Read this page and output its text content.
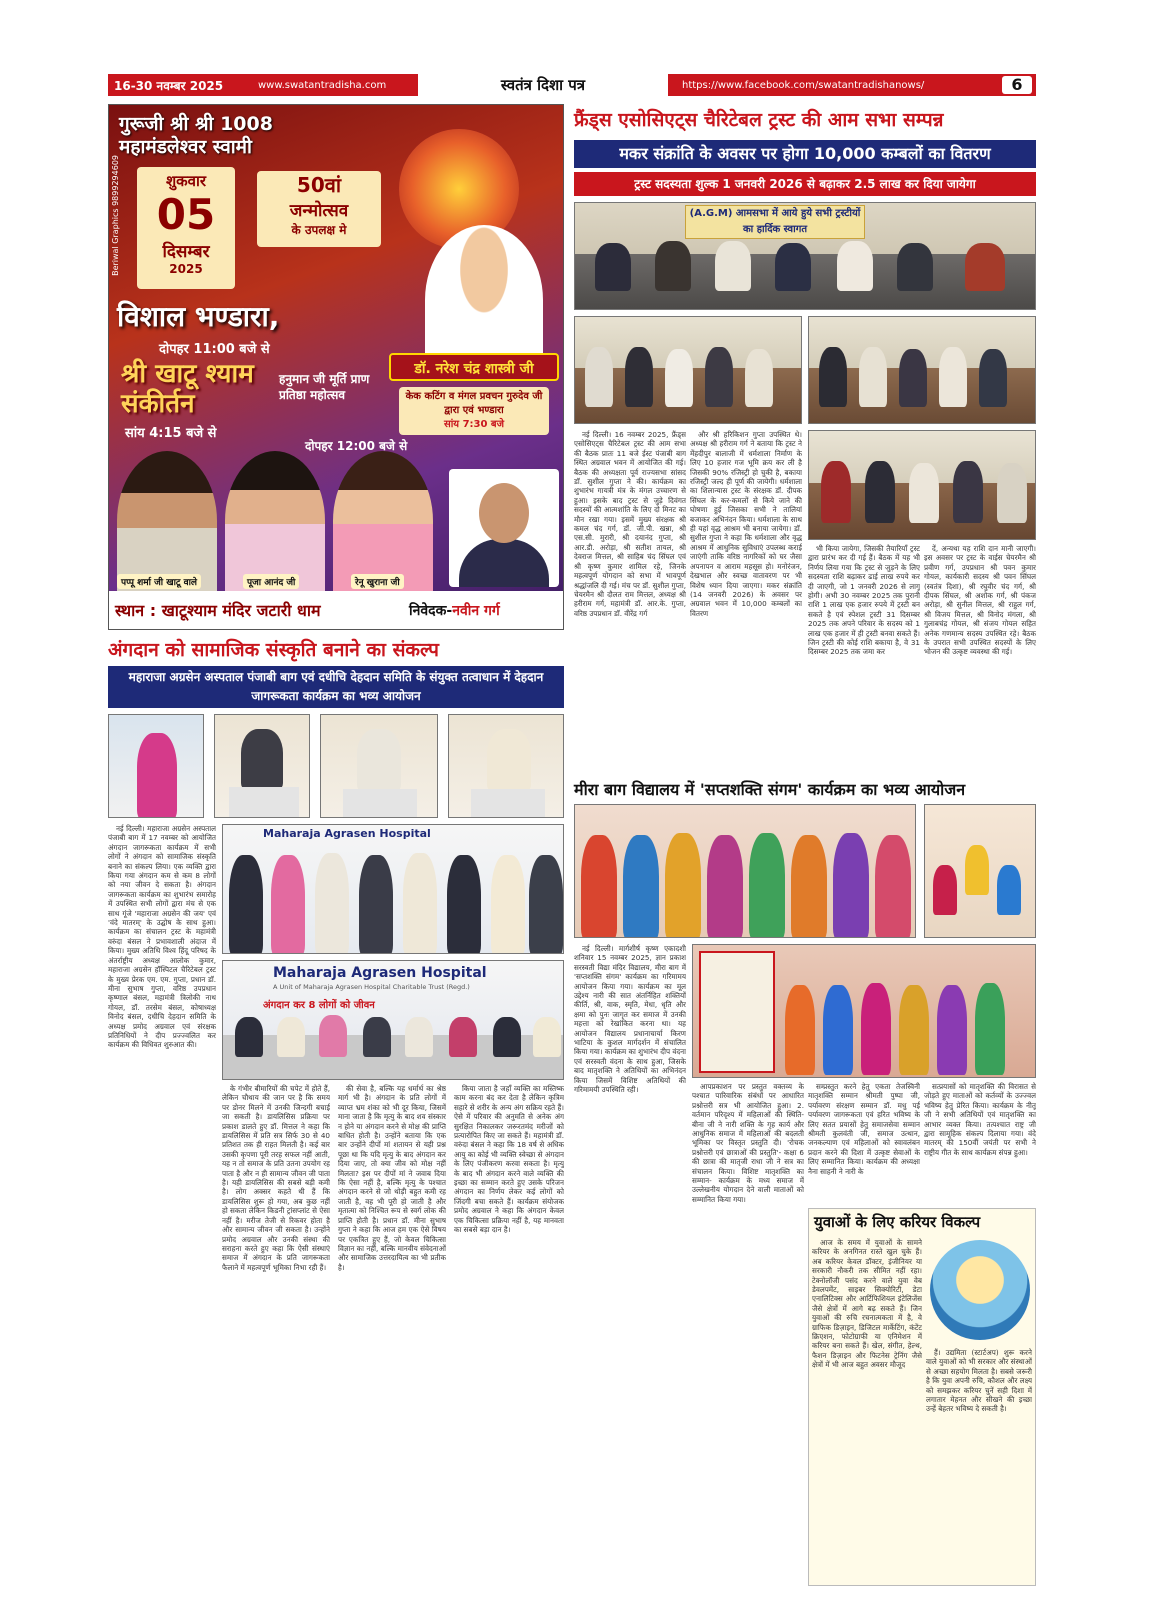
16-30 नवम्बर 2025	www.swatantradisha.com	स्वतंत्र दिशा पत्र	https://www.facebook.com/swatantradishanows/	6
गुरूजी श्री श्री 1008 महामंडलेश्वर स्वामी
Beriwal Graphics 9899294609	शुकवार
05
दिसम्बर
2025
50वां
जन्मोत्सव
के उपलक्ष मे
विशाल भण्डारा,
दोपहर 11:00 बजे से
श्री खाटू श्याम संकीर्तन
सांय 4:15 बजे से
हनुमान जी मूर्ति प्राण प्रतिष्ठा महोत्सव
दोपहर 12:00 बजे से
डॉ. नरेश चंद्र शास्त्री जी
केक कटिंग व मंगल प्रवचन गुरुदेव जी द्वारा एवं भण्डारा
सांय 7:30 बजे
पप्पू शर्मा जी खाटू वाले	पूजा आनंद जी	रेनू खुराना जी
स्थान : खाटूश्याम मंदिर जटारी धाम	निवेदक-नवीन गर्ग
फ्रैंड्स एसोसिएट्स चैरिटेबल ट्रस्ट की आम सभा सम्पन्न
मकर संक्रांति के अवसर पर होगा 10,000 कम्बलों का वितरण
ट्रस्ट सदस्यता शुल्क 1 जनवरी 2026 से बढ़ाकर 2.5 लाख कर दिया जायेगा
(A.G.M) आमसभा में आये हुये सभी ट्रस्टीयों का हार्दिक स्वागत

नई दिल्ली। 16 नवम्बर 2025, फ्रैंड्स एसोसिएट्स चैरिटेबल ट्रस्ट की आम सभा की बैठक प्रातः 11 बजे ईस्ट पंजाबी बाग स्थित अग्रवाल भवन में आयोजित की गई। बैठक की अध्यक्षता पूर्व राज्यसभा सांसद डॉ. सुशील गुप्ता ने की। कार्यक्रम का शुभारंभ गायत्री मंत्र के मंगल उच्चारण से हुआ। इसके बाद ट्रस्ट से जुड़े दिवंगत सदस्यों की आत्मशांति के लिए दो मिनट का मौन रखा गया। इसमें मुख्य संरक्षक श्री कमल चंद गर्ग, डॉ. जी.पी. खन्ना, श्री एस.सी. मुरारी, श्री दयानंद गुप्ता, श्री आर.डी. अरोड़ा, श्री सतीश तायल, श्री देवराज मित्तल, श्री साहिब चंद सिंघल एवं श्री कृष्ण कुमार शामिल रहे, जिनके महत्वपूर्ण योगदान को सभा में भावपूर्ण श्रद्धांजलि दी गई। मंच पर डॉ. सुशील गुप्ता, चेयरमैन श्री दौलत राम मित्तल, अध्यक्ष श्री हरीराम गर्ग, महामंत्री डॉ. आर.के. गुप्ता, वरिष्ठ उपप्रधान डॉ. वीरेंद्र गर्ग

और श्री हरिकिशन गुप्ता उपस्थित थे। अध्यक्ष श्री हरीराम गर्ग ने बताया कि ट्रस्ट ने मेंहदीपुर बालाजी में धर्मशाला निर्माण के लिए 10 हजार गज भूमि क्रय कर ली है जिसकी 90% रजिस्ट्री हो चुकी है, बकाया रजिस्ट्री जल्द ही पूर्ण की जायेगी। धर्मशाला का शिलान्यास ट्रस्ट के संरक्षक डॉ. दीपक सिंघल के कर-कमलों से किये जाने की घोषणा हुई जिसका सभी ने तालियां बजाकर अभिनंदन किया। धर्मशाला के साथ ही यहां वृद्ध आश्रम भी बनाया जायेगा। डॉ. सुशील गुप्ता ने कहा कि धर्मशाला और वृद्ध आश्रम में आधुनिक सुविधाएं उपलब्ध कराई जाएंगी ताकि वरिष्ठ नागरिकों को घर जैसा अपनापन व आराम महसूस हो। मनोरंजन, देखभाल और स्वच्छ वातावरण पर भी विशेष ध्यान दिया जाएगा। मकर संक्रांति (14 जनवरी 2026) के अवसर पर अग्रवाल भवन में 10,000 कम्बलों का वितरण

भी किया जायेगा, जिसकी तैयारियाँ ट्रस्ट द्वारा प्रारंभ कर दी गई हैं। बैठक में यह भी निर्णय लिया गया कि ट्रस्ट से जुड़ने के लिए सदस्यता राशि बढ़ाकर ढाई लाख रुपये कर दी जाएगी, जो 1 जनवरी 2026 से लागू होगी। अभी 30 नवम्बर 2025 तक पुरानी राशि 1 लाख एक हजार रुपये में ट्रस्टी बन सकते है एवं स्पेशल ट्रस्टी 31 दिसम्बर 2025 तक अपने परिवार के सदस्य को 1 लाख एक हजार में ही ट्रस्टी बनवा सकते हैं। जिन ट्रस्टी की कोई राशि बकाया है, वे 31 दिसम्बर 2025 तक जमा कर

दें, अन्यथा यह राशि दान मानी जाएगी। इस अवसर पर ट्रस्ट के वाईस चेयरमैन श्री प्रवीण गर्ग, उपप्रधान श्री पवन कुमार गोयल, कार्यकारी सदस्य श्री पवन सिंघल (स्वतंत्र दिशा), श्री रघुवीर चंद गर्ग, श्री दीपक सिंघल, श्री अशोक गर्ग, श्री पंकज अरोड़ा, श्री सुनील मित्तल, श्री राहुल गर्ग, श्री विजय मित्तल, श्री विनोद मंगला, श्री गुलाबचंद्र गोयल, श्री संजय गोयल सहित अनेक गणमान्य सदस्य उपस्थित रहे। बैठक के उपरात सभी उपस्थित सदस्यों के लिए भोजन की उत्कृष्ट व्यवस्था की गई।

अंगदान को सामाजिक संस्कृति बनाने का संकल्प
महाराजा अग्रसेन अस्पताल पंजाबी बाग एवं दधीचि देहदान समिति के संयुक्त तत्वाधान में देहदान जागरूकता कार्यक्रम का भव्य आयोजन
Maharaja Agrasen Hospital
Maharaja Agrasen Hospital
A Unit of Maharaja Agrasen Hospital Charitable Trust (Regd.)
अंगदान कर 8 लोगों को जीवन

नई दिल्ली। महाराजा अग्रसेन अस्पताल पंजाबी बाग में 17 नवम्बर को आयोजित अंगदान जागरूकता कार्यक्रम में सभी लोगों ने अंगदान को सामाजिक संस्कृति बनाने का संकल्प लिया। एक व्यक्ति द्वारा किया गया अंगदान कम से कम 8 लोगों को नया जीवन दे सकता है। अंगदान जागरूकता कार्यक्रम का शुभारंभ समारोह में उपस्थित सभी लोगों द्वारा मंच से एक साथ गूंजे 'महाराजा अग्रसेन की जय' एवं 'वंदे मातरम्' के उद्घोष के साथ हुआ। कार्यक्रम का संचालन ट्रस्ट के महामंत्री वरुंदा बंसल ने प्रभावशाली अंदाज में किया। मुख्य अतिथि विश्व हिंदू परिषद के अंतर्राष्ट्रीय अध्यक्ष आलोक कुमार, महाराजा अग्रसेन हॉस्पिटल चैरिटेबल ट्रस्ट के मुख्य प्रेरक एम. एम. गुप्ता, प्रधान डॉ. मीना सुभाष गुप्ता, वरिष्ठ उपप्रधान कृष्णाल बंसल, महामंत्री त्रिलोकी नाथ गोयल, डॉ. तरसेम बंसल, कोषाध्यक्ष विनोद बंसल, दधीचि देहदान समिति के अध्यक्ष प्रमोद अग्रवाल एवं संरक्षक प्रतिनिधियों ने दीप प्रज्ज्वलित कर कार्यक्रम की विधिवत शुरुआत की।

के गंभीर बीमारियों की चपेट में होते हैं, लेकिन चौथाय की जान पर है कि समय पर डोनर मिलने में उनकी जिन्दगी बचाई जा सकती है। डायलिसिस प्रक्रिया पर प्रकाश डालते हुए डॉ. मित्तल ने कहा कि डायलिसिस में प्रति सत्र सिर्फ 30 से 40 प्रतिशत तक ही राहत मिलती है। कई बार उसकी कृपणा पूरी तरह सफल नहीं आती, यह न तो समाज के प्रति उतना उपयोग रह पाता है और न ही सामान्य जीवन जी पाता है। यही डायलिसिस की सबसे बड़ी कमी है। लोग अक्सर कहते थी हैं कि डायलिसिस शुरू हो गया, अब कुछ नहीं हो सकता लेकिन किडनी ट्रांसप्लांट से ऐसा नहीं है। मरीज तेजी से रिकवर होता है और सामान्य जीवन जी सकता है। उन्होंने प्रमोद अग्रवाल और उनकी संस्था की सराहना करते हुए कहा कि ऐसी संस्थाएं समाज में अंगदान के प्रति जागरूकता फैलाने में महत्वपूर्ण भूमिका निभा रही हैं।

की सेवा है, बल्कि यह धर्मार्थ का श्रेष्ठ मार्ग भी है। अंगदान के प्रति लोगों में व्याप्त भ्रम शंका को भी दूर किया, जिसमें माना जाता है कि मृत्यु के बाद शव संस्कार न होने या अंगदान करने से मोक्ष की प्राप्ति बाधित होती है। उन्होंने बताया कि एक बार उन्होंने दीपों मां शतायन से यही प्रश्न पूछा था कि यदि मृत्यु के बाद अंगदान कर दिया जाए, तो क्या जीव को मोक्ष नहीं मिलता? इस पर दीपों मां ने जवाब दिया कि ऐसा नहीं है, बल्कि मृत्यु के पश्चात अंगदान करने से जो थोड़ी बहुत कमी रह जाती है, वह भी पूरी हो जाती है और मृतात्मा को निश्चित रूप से स्वर्ग लोक की प्राप्ति होती है। प्रधान डॉ. मीना सुभाष गुप्ता ने कहा कि आज हम एक ऐसे विषय पर एकत्रित हुए हैं, जो केवल चिकित्सा विज्ञान का नहीं, बल्कि मानवीय संवेदनाओं और सामाजिक उत्तरदायित्व का भी प्रतीक है।

किया जाता है जहाँ व्यक्ति का मस्तिष्क काम करना बंद कर देता है लेकिन कृत्रिम सहारे से शरीर के अन्य अंग सक्रिय रहते हैं। ऐसे में परिवार की अनुमति से अनेक अंग सुरक्षित निकालकर जरूरतमंद मरीजों को प्रत्यारोपित किए जा सकते हैं। महामंत्री डॉ. वरुंदा बंसल ने कहा कि 18 वर्ष से अधिक आयु का कोई भी व्यक्ति स्वेच्छा से अंगदान के लिए पंजीकरण करवा सकता है। मृत्यु के बाद भी अंगदान करने वाले व्यक्ति की इच्छा का सम्मान करते हुए उसके परिजन अंगदान का निर्णय लेकर कई लोगों को जिंदगी बचा सकते हैं। कार्यक्रम संयोजक प्रमोद अग्रवाल ने कहा कि अंगदान केवल एक चिकित्सा प्रक्रिया नहीं है, यह मानवता का सबसे बड़ा दान है।

मीरा बाग विद्यालय में 'सप्तशक्ति संगम' कार्यक्रम का भव्य आयोजन

नई दिल्ली। मार्गशीर्ष कृष्ण एकादशी शनिवार 15 नवम्बर 2025, ज्ञान प्रकाश सरस्वती विद्या मंदिर विद्यालय, मीरा बाग में 'सप्तशक्ति संगम' कार्यक्रम का गरिमामय आयोजन किया गया। कार्यक्रम का मूल उद्देश्य नारी की सात अंतर्निहित शक्तियों कीर्ति, श्री, वाक, स्मृति, मेधा, धृति और क्षमा को पुनः जागृत कर समाज में उनकी महत्ता को रेखांकित करना था। यह आयोजन विद्यालय प्रधानाचार्या किरण भाटिया के कुशल मार्गदर्शन में संचालित किया गया। कार्यक्रम का शुभारंभ दीप वंदना एवं सरस्वती वंदना के साथ हुआ, जिसके बाद मातृशक्ति ने अतिथियों का अभिनंदन किया जिसमें विशिष्ट अतिथियों की गरिमामयी उपस्थिति रही।	आपप्रकाशन पर प्रस्तुत वक्तव्य के पश्चात पारिवारिक संबंधों पर आधारित प्रश्नोत्तरी सत्र भी आयोजित हुआ। 2. वर्तमान परिदृश्य में महिलाओं की स्थिति- बीना जी ने नारी शक्ति के गृह कार्य और आधुनिक समाज में महिलाओं की बदलती भूमिका पर विस्तृत प्रस्तुति दी। 'रोचक प्रश्नोत्तरी एवं छात्राओं की प्रस्तुति'- कक्षा 6 की छात्रा की मातृजी राधा जी ने सत्र का संचालन किया। विशिष्ट मातृशक्ति का सम्मान- कार्यक्रम के मध्य समाज में उल्लेखनीय योगदान देने वाली माताओं को सम्मानित किया गया।

सम्प्रस्तुत करने हेतु एकता तेजस्विनी मातृशक्ति सम्मान श्रीमती पुष्पा जी, पर्यावरण संरक्षण सम्मान डॉ. मधु पई पर्यावरण जागरूकता एवं हरित भविष्य के लिए सतत प्रयासों हेतु समाजसेवा सम्मान श्रीमती कुलवंती जी, समाज उत्थान, जनकल्याण एवं महिलाओं को स्वावलंबन प्रदान करने की दिशा में उत्कृष्ट सेवाओं के लिए सम्मानित किया। कार्यक्रम की अध्यक्षा नैना साहनी ने नारी के

सत्प्रयासों को मातृशक्ति की विरासत से जोड़ते हुए माताओं को कर्तव्यों के उज्ज्वल भविष्य हेतु प्रेरित किया। कार्यक्रम के नीतू जी ने सभी अतिथियों एवं मातृशक्ति का आभार व्यक्त किया। तत्पश्चात राष्ट्र जी द्वारा सामूहिक संकल्प दिलाया गया। वंदे मातरम् की 150वीं जयंती पर सभी ने राष्ट्रीय गीत के साथ कार्यक्रम संपन्न हुआ।

युवाओं के लिए करियर विकल्प

आज के समय में युवाओं के सामने करियर के अनगिनत रास्ते खुल चुके हैं। अब करियर केवल डॉक्टर, इंजीनियर या सरकारी नौकरी तक सीमित नहीं रहा। टेक्नोलॉजी पसंद करने वाले युवा वेब डेवलपमेंट, साइबर सिक्योरिटी, डेटा एनालिटिक्स और आर्टिफिशियल इंटेलिजेंस जैसे क्षेत्रों में आगे बढ़ सकते हैं। जिन युवाओं की रुचि रचनात्मकता में है, वे ग्राफिक डिज़ाइन, डिजिटल मार्केटिंग, कंटेंट क्रिएशन, फोटोग्राफी या एनिमेशन में करियर बना सकते हैं। खेल, संगीत, हेल्थ, फैशन डिज़ाइन और फिटनेस ट्रेनिंग जैसे क्षेत्रों में भी आज बहुत अवसर मौजूद

हैं। उद्यमिता (स्टार्टअप) शुरू करने वाले युवाओं को भी सरकार और संस्थाओं से अच्छा सहयोग मिलता है। सबसे जरूरी है कि युवा अपनी रुचि, कौशल और लक्ष्य को समझकर करियर चुनें सही दिशा में लगातार मेहनत और सीखने की इच्छा उन्हें बेहतर भविष्य दे सकती है।
